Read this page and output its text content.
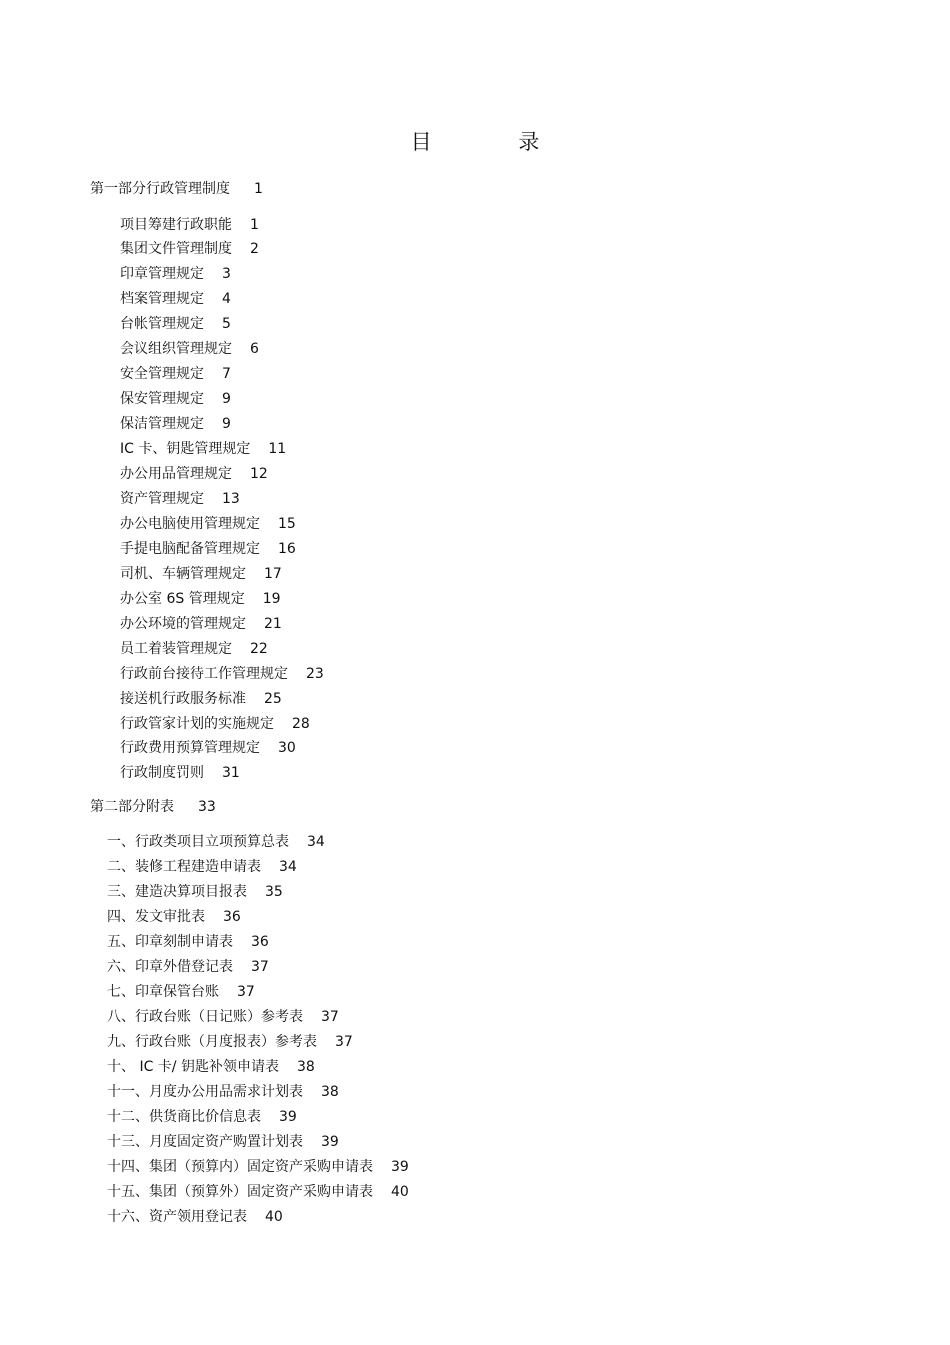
目 录
第一部分行政管理制度 1
项目筹建行政职能 1
集团文件管理制度 2
印章管理规定 3
档案管理规定 4
台帐管理规定 5
会议组织管理规定 6
安全管理规定 7
保安管理规定 9
保洁管理规定 9
IC 卡、钥匙管理规定 11
办公用品管理规定 12
资产管理规定 13
办公电脑使用管理规定 15
手提电脑配备管理规定 16
司机、车辆管理规定 17
办公室 6S 管理规定 19
办公环境的管理规定 21
员工着装管理规定 22
行政前台接待工作管理规定 23
接送机行政服务标准 25
行政管家计划的实施规定 28
行政费用预算管理规定 30
行政制度罚则 31
第二部分附表 33
一、行政类项目立项预算总表 34
二、装修工程建造申请表 34
三、建造决算项目报表 35
四、发文审批表 36
五、印章刻制申请表 36
六、印章外借登记表 37
七、印章保管台账 37
八、行政台账（日记账）参考表 37
九、行政台账（月度报表）参考表 37
十、 IC 卡/ 钥匙补领申请表 38
十一、月度办公用品需求计划表 38
十二、供货商比价信息表 39
十三、月度固定资产购置计划表 39
十四、集团（预算内）固定资产采购申请表 39
十五、集团（预算外）固定资产采购申请表 40
十六、资产领用登记表 40
